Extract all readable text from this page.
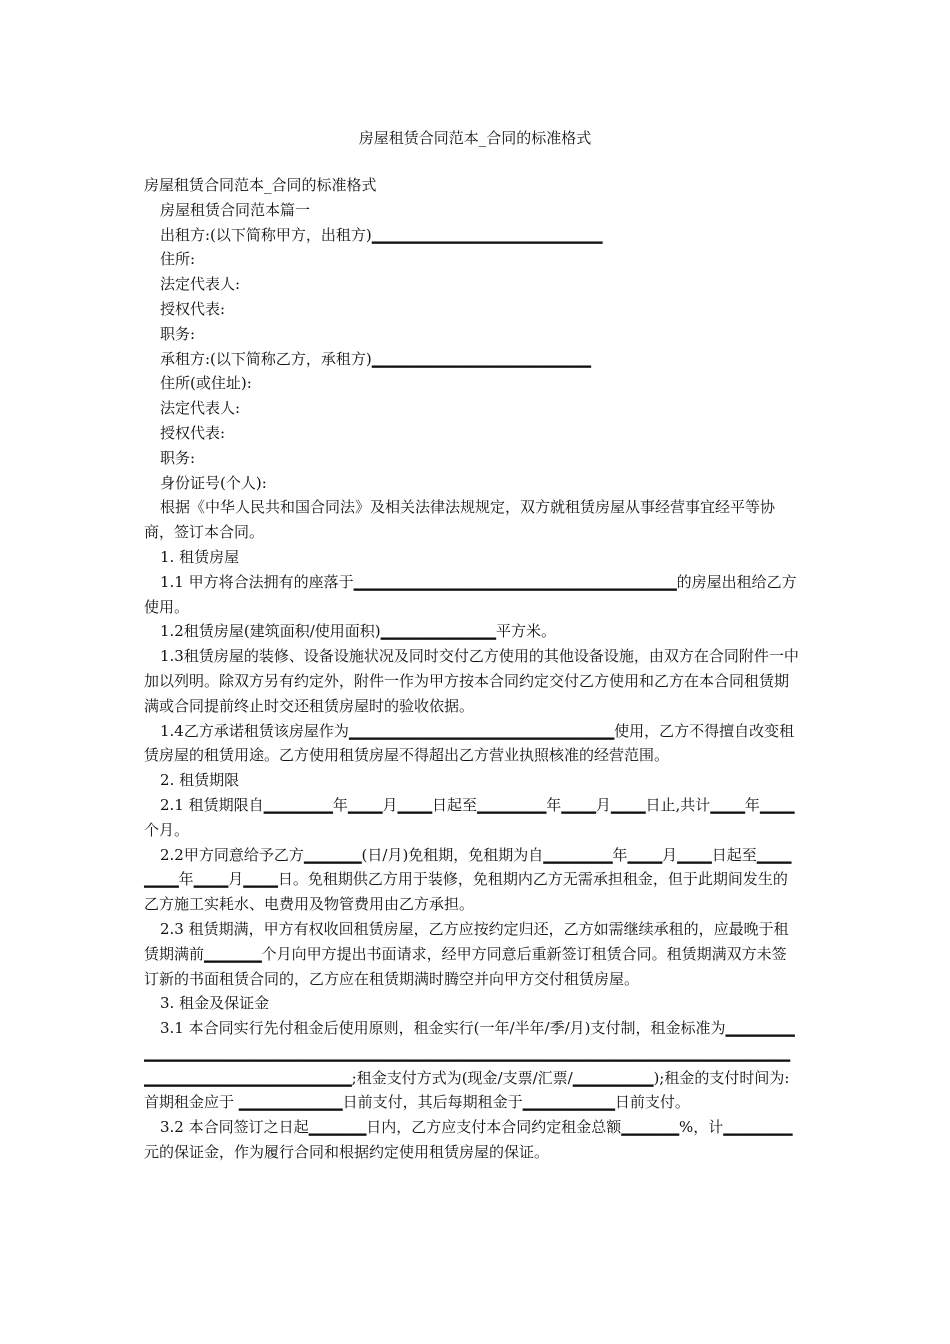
房屋租赁合同范本_合同的标准格式

房屋租赁合同范本_合同的标准格式

房屋租赁合同范本篇一

出租方:(以下简称甲方，出租方)▁▁▁▁▁▁▁▁▁▁▁▁▁▁▁▁▁▁▁▁

住所:

法定代表人:

授权代表:

职务:

承租方:(以下简称乙方，承租方)▁▁▁▁▁▁▁▁▁▁▁▁▁▁▁▁▁▁▁

住所(或住址):

法定代表人:

授权代表:

职务:

身份证号(个人):

根据《中华人民共和国合同法》及相关法律法规规定，双方就租赁房屋从事经营事宜经平等协商，签订本合同。

1. 租赁房屋

1.1 甲方将合法拥有的座落于▁▁▁▁▁▁▁▁▁▁▁▁▁▁▁▁▁▁▁▁▁▁▁▁▁▁▁▁的房屋出租给乙方使用。

1.2租赁房屋(建筑面积/使用面积)▁▁▁▁▁▁▁▁▁▁平方米。

1.3租赁房屋的装修、设备设施状况及同时交付乙方使用的其他设备设施，由双方在合同附件一中加以列明。除双方另有约定外，附件一作为甲方按本合同约定交付乙方使用和乙方在本合同租赁期满或合同提前终止时交还租赁房屋时的验收依据。

1.4乙方承诺租赁该房屋作为▁▁▁▁▁▁▁▁▁▁▁▁▁▁▁▁▁▁▁▁▁▁▁使用，乙方不得擅自改变租赁房屋的租赁用途。乙方使用租赁房屋不得超出乙方营业执照核准的经营范围。

2. 租赁期限

2.1 租赁期限自▁▁▁▁▁▁年▁▁▁月▁▁▁日起至▁▁▁▁▁▁年▁▁▁月▁▁▁日止,共计▁▁▁年▁▁▁个月。

2.2甲方同意给予乙方▁▁▁▁▁(日/月)免租期，免租期为自▁▁▁▁▁▁年▁▁▁月▁▁▁日起至▁▁▁▁▁▁年▁▁▁月▁▁▁日。免租期供乙方用于装修，免租期内乙方无需承担租金，但于此期间发生的乙方施工实耗水、电费用及物管费用由乙方承担。

2.3 租赁期满，甲方有权收回租赁房屋，乙方应按约定归还，乙方如需继续承租的，应最晚于租赁期满前▁▁▁▁▁个月向甲方提出书面请求，经甲方同意后重新签订租赁合同。租赁期满双方未签订新的书面租赁合同的，乙方应在租赁期满时腾空并向甲方交付租赁房屋。

3. 租金及保证金

3.1 本合同实行先付租金后使用原则，租金实行(一年/半年/季/月)支付制，租金标准为▁▁▁▁▁▁▁▁▁▁▁▁▁▁▁▁▁▁▁▁▁▁▁▁▁▁▁▁▁▁▁▁▁▁▁▁▁▁▁▁▁▁▁▁▁▁▁▁▁▁▁▁▁▁▁▁▁▁▁▁▁▁▁▁▁▁▁▁▁▁▁▁▁▁▁▁▁▁▁▁;租金支付方式为(现金/支票/汇票/▁▁▁▁▁▁▁);租金的支付时间为:首期租金应于 ▁▁▁▁▁▁▁▁▁日前支付，其后每期租金于▁▁▁▁▁▁▁▁日前支付。

3.2 本合同签订之日起▁▁▁▁▁日内，乙方应支付本合同约定租金总额▁▁▁▁▁%，计▁▁▁▁▁▁元的保证金，作为履行合同和根据约定使用租赁房屋的保证。
